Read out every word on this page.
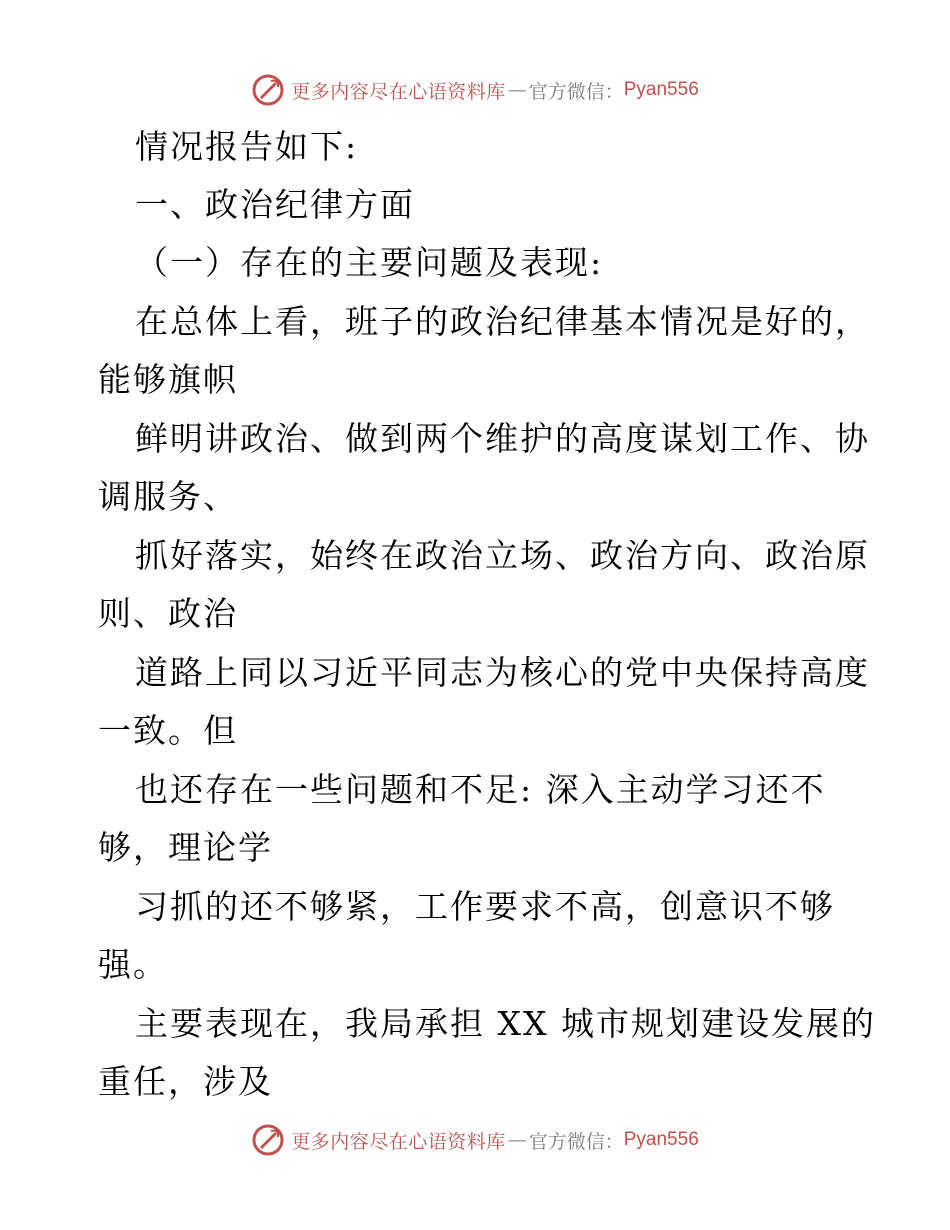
更多内容尽在心语资料库 — 官方微信： Pyan556
情况报告如下:
一、政治纪律方面
（一）存在的主要问题及表现:
在总体上看，班子的政治纪律基本情况是好的，
能够旗帜
鲜明讲政治、做到两个维护的高度谋划工作、协
调服务、
抓好落实，始终在政治立场、政治方向、政治原
则、政治
道路上同以习近平同志为核心的党中央保持高度
一致。但
也还存在一些问题和不足: 深入主动学习还不
够，理论学
习抓的还不够紧，工作要求不高，创意识不够
强。
主要表现在，我局承担 XX 城市规划建设发展的
重任，涉及
更多内容尽在心语资料库 — 官方微信： Pyan556
